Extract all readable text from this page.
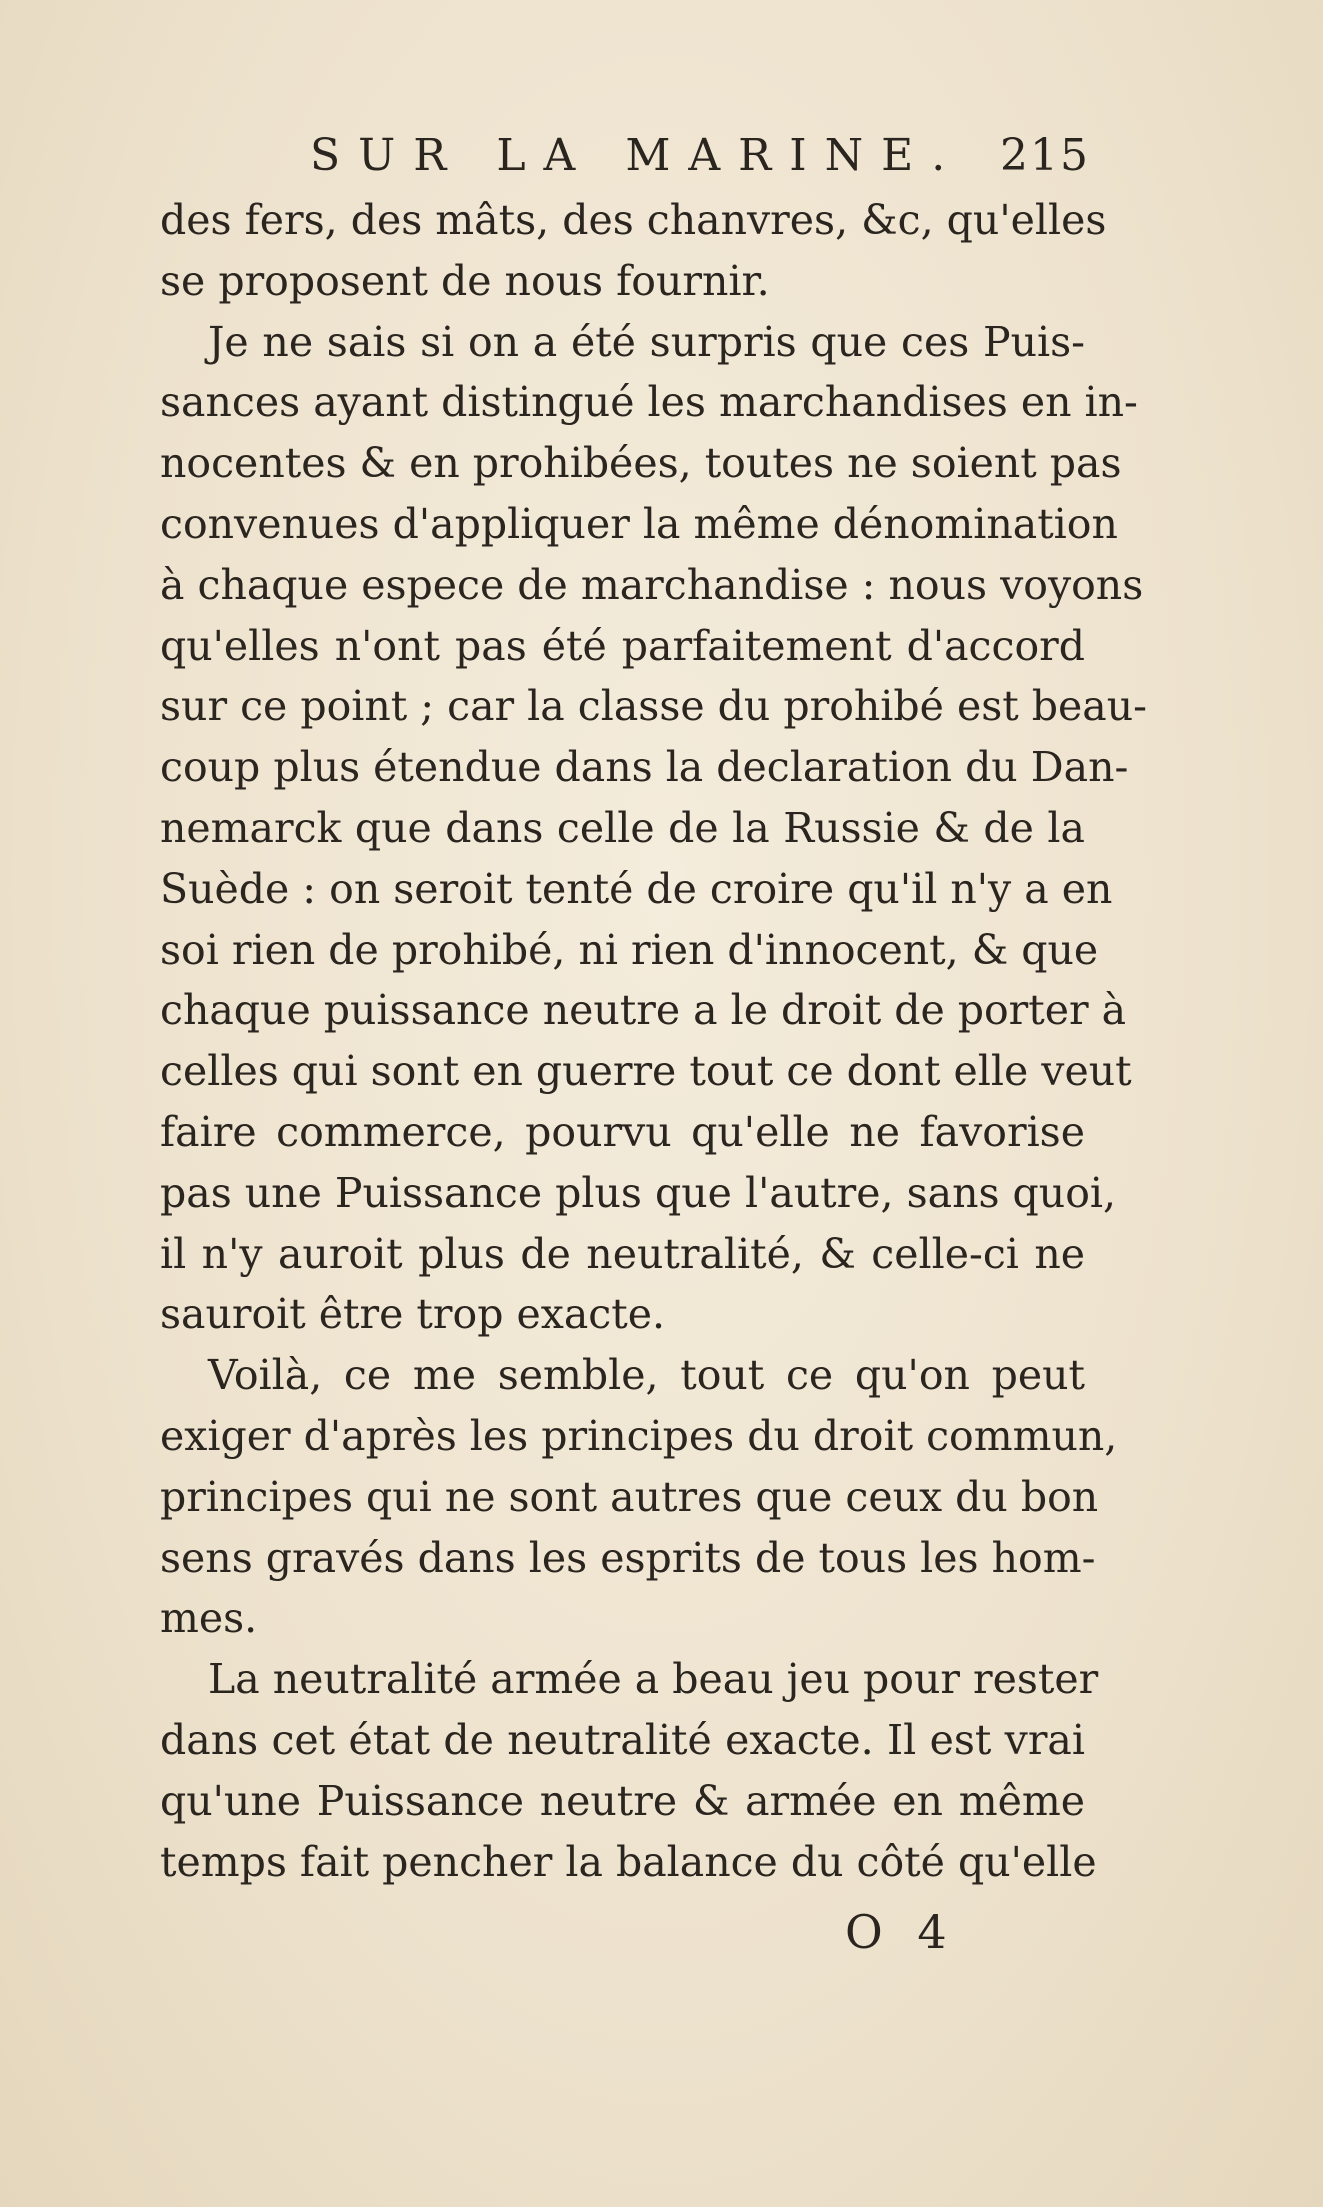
SUR LA MARINE. 215
des fers, des mâts, des chanvres, &c, qu'elles
se proposent de nous fournir.
Je ne sais si on a été surpris que ces Puis-
sances ayant distingué les marchandises en in-
nocentes & en prohibées, toutes ne soient pas
convenues d'appliquer la même dénomination
à chaque espece de marchandise : nous voyons
qu'elles n'ont pas été parfaitement d'accord
sur ce point ; car la classe du prohibé est beau-
coup plus étendue dans la declaration du Dan-
nemarck que dans celle de la Russie & de la
Suède : on seroit tenté de croire qu'il n'y a en
soi rien de prohibé, ni rien d'innocent, & que
chaque puissance neutre a le droit de porter à
celles qui sont en guerre tout ce dont elle veut
faire commerce, pourvu qu'elle ne favorise
pas une Puissance plus que l'autre, sans quoi,
il n'y auroit plus de neutralité, & celle-ci ne
sauroit être trop exacte.
Voilà, ce me semble, tout ce qu'on peut
exiger d'après les principes du droit commun,
principes qui ne sont autres que ceux du bon
sens gravés dans les esprits de tous les hom-
mes.
La neutralité armée a beau jeu pour rester
dans cet état de neutralité exacte. Il est vrai
qu'une Puissance neutre & armée en même
temps fait pencher la balance du côté qu'elle
O 4
